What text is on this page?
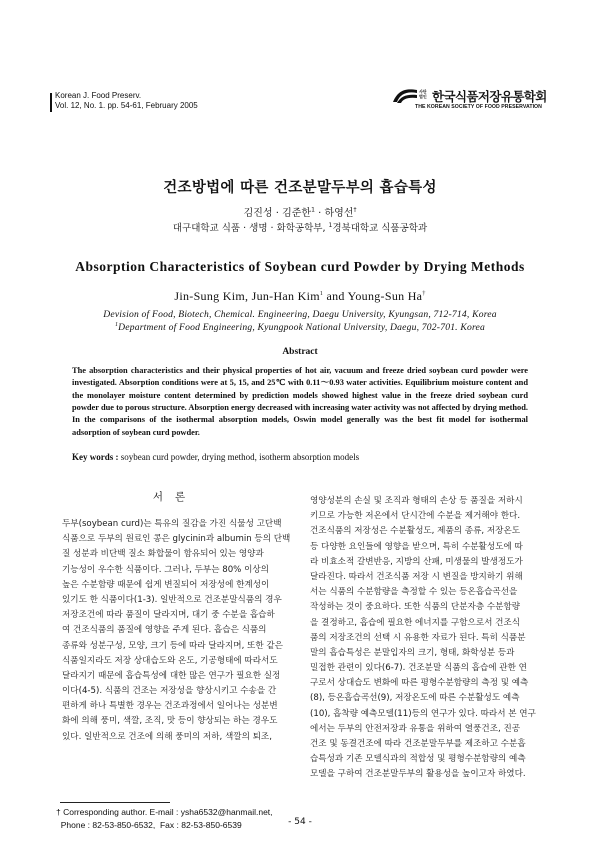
Korean J. Food Preserv.
Vol. 12, No. 1. pp. 54-61, February 2005
사단 법인 한국식품저장유통학회
THE KOREAN SOCIETY OF FOOD PRESERVATION
건조방법에 따른 건조분말두부의 흡습특성
김진성 · 김준한$^1$ · 하영선†
대구대학교 식품 · 생명 · 화학공학부, $^1$경북대학교 식품공학과
Absorption Characteristics of Soybean curd Powder by Drying Methods
Jin-Sung Kim, Jun-Han Kim$^1$ and Young-Sun Ha†
Devision of Food, Biotech, Chemical. Engineering, Daegu University, Kyungsan, 712-714, Korea
$^1$Department of Food Engineering, Kyungpook National University, Daegu, 702-701. Korea
Abstract
The absorption characteristics and their physical properties of hot air, vacuum and freeze dried soybean curd powder were investigated. Absorption conditions were at 5, 15, and 25℃ with 0.11～0.93 water activities. Equilibrium moisture content and the monolayer moisture content determined by prediction models showed highest value in the freeze dried soybean curd powder due to porous structure. Absorption energy decreased with increasing water activity was not affected by drying method. In the comparisons of the isothermal absorption models, Oswin model generally was the best fit model for isothermal adsorption of soybean curd powder.
Key words : soybean curd powder, drying method, isotherm absorption models
서론
두부(soybean curd)는 특유의 질감을 가진 식물성 고단백
식품으로 두부의 원료인 콩은 glycinin과 albumin 등의 단백
질 성분과 비단백 질소 화합물이 함유되어 있는 영양과
기능성이 우수한 식품이다. 그러나, 두부는 80% 이상의
높은 수분함량 때문에 쉽게 변질되어 저장성에 한계성이
있기도 한 식품이다(1-3). 일반적으로 건조분말식품의 경우
저장조건에 따라 품질이 달라지며, 대기 중 수분을 흡습하
여 건조식품의 품질에 영향을 주게 된다. 흡습은 식품의
종류와 성분구성, 모양, 크기 등에 따라 달라지며, 또한 같은
식품일지라도 저장 상대습도와 온도, 기공형태에 따라서도
달라지기 때문에 흡습특성에 대한 많은 연구가 필요한 실정
이다(4-5). 식품의 건조는 저장성을 향상시키고 수송을 간
편하게 하나 특별한 경우는 건조과정에서 일어나는 성분변
화에 의해 풍미, 색깔, 조직, 맛 등이 향상되는 하는 경우도
있다. 일반적으로 건조에 의해 풍미의 저하, 색깔의 퇴조,
영양성분의 손실 및 조직과 형태의 손상 등 품질을 저하시
키므로 가능한 저온에서 단시간에 수분을 제거해야 한다.
건조식품의 저장성은 수분활성도, 제품의 종류, 저장온도
등 다양한 요인들에 영향을 받으며, 특히 수분활성도에 따
라 비효소적 갈변반응, 지방의 산패, 미생물의 발생정도가
달라진다. 따라서 건조식품 저장 시 변질을 방지하기 위해
서는 식품의 수분함량을 측정할 수 있는 등온흡습곡선을
작성하는 것이 중요하다. 또한 식품의 단분자층 수분함량
을 결정하고, 흡습에 필요한 에너지를 구함으로서 건조식
품의 저장조건의 선택 시 유용한 자료가 된다. 특히 식품분
말의 흡습특성은 분말입자의 크기, 형태, 화학성분 등과
밀접한 관련이 있다(6-7). 건조분말 식품의 흡습에 관한 연
구로서 상대습도 변화에 따른 평형수분함량의 측정 및 예측
(8), 등온흡습곡선(9), 저장온도에 따른 수분활성도 예측
(10), 흡착량 예측모델(11)등의 연구가 있다. 따라서 본 연구
에서는 두부의 안전저장과 유통을 위하여 열풍건조, 진공
건조 및 동결건조에 따라 건조분말두부를 제조하고 수분흡
습특성과 기존 모델식과의 적합성 및 평형수분함량의 예측
모델을 구하여 건조분말두부의 활용성을 높이고자 하였다.
† Corresponding author. E-mail : ysha6532@hanmail.net,
Phone : 82-53-850-6532,  Fax : 82-53-850-6539	- 54 -
